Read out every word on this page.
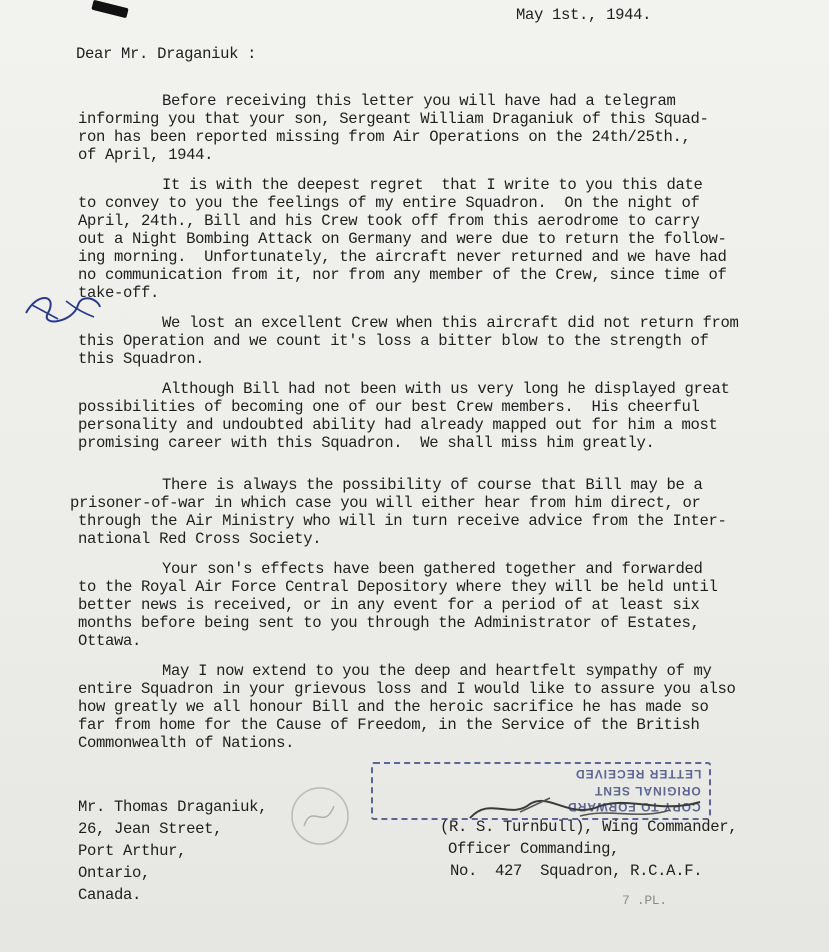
May 1st., 1944.
Dear Mr. Draganiuk :
Before receiving this letter you will have had a telegram
informing you that your son, Sergeant William Draganiuk of this Squad-
ron has been reported missing from Air Operations on the 24th/25th.,
of April, 1944.
It is with the deepest regret  that I write to you this date
to convey to you the feelings of my entire Squadron.  On the night of
April, 24th., Bill and his Crew took off from this aerodrome to carry
out a Night Bombing Attack on Germany and were due to return the follow-
ing morning.  Unfortunately, the aircraft never returned and we have had
no communication from it, nor from any member of the Crew, since time of
take-off.
We lost an excellent Crew when this aircraft did not return from
this Operation and we count it's loss a bitter blow to the strength of
this Squadron.
Although Bill had not been with us very long he displayed great
possibilities of becoming one of our best Crew members.  His cheerful
personality and undoubted ability had already mapped out for him a most
promising career with this Squadron.  We shall miss him greatly.
There is always the possibility of course that Bill may be a
prisoner-of-war in which case you will either hear from him direct, or
through the Air Ministry who will in turn receive advice from the Inter-
national Red Cross Society.
Your son's effects have been gathered together and forwarded
to the Royal Air Force Central Depository where they will be held until
better news is received, or in any event for a period of at least six
months before being sent to you through the Administrator of Estates,
Ottawa.
May I now extend to you the deep and heartfelt sympathy of my
entire Squadron in your grievous loss and I would like to assure you also
how greatly we all honour Bill and the heroic sacrifice he has made so
far from home for the Cause of Freedom, in the Service of the British
Commonwealth of Nations.
Mr. Thomas Draganiuk,
26, Jean Street,
Port Arthur,
Ontario,
Canada.
LETTER RECEIVED
ORIGINAL SENT
COPY TO FORWARD
(R. S. Turnbull), Wing Commander,
Officer Commanding,
No.  427  Squadron, R.C.A.F.
7 .PL.
